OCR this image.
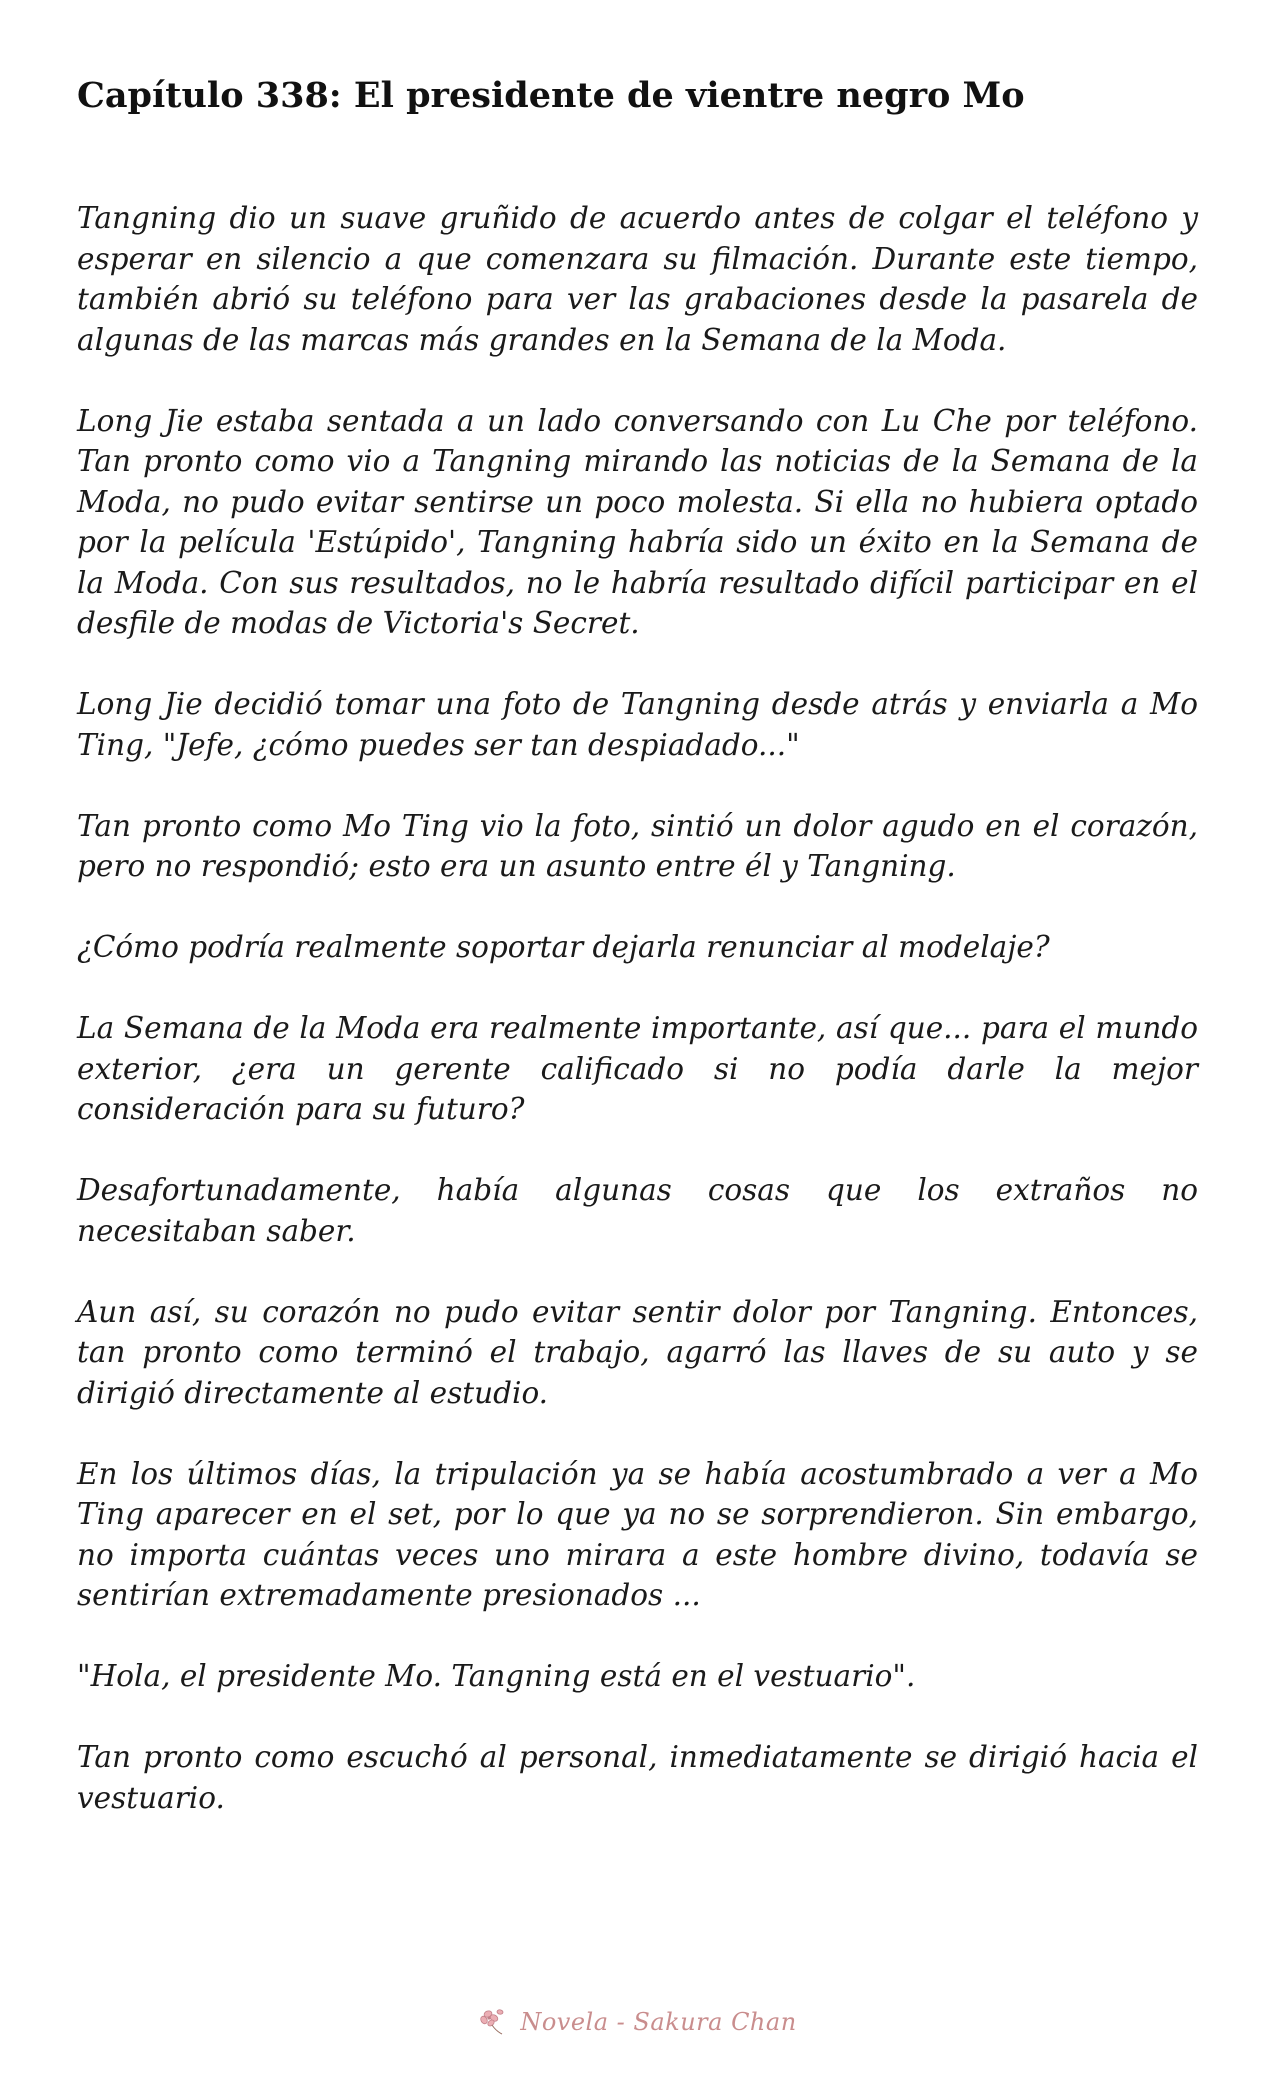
Capítulo 338: El presidente de vientre negro Mo

Tangning dio un suave gruñido de acuerdo antes de colgar el teléfono y esperar en silencio a que comenzara su filmación. Durante este tiempo, también abrió su teléfono para ver las grabaciones desde la pasarela de algunas de las marcas más grandes en la Semana de la Moda.

Long Jie estaba sentada a un lado conversando con Lu Che por teléfono. Tan pronto como vio a Tangning mirando las noticias de la Semana de la Moda, no pudo evitar sentirse un poco molesta. Si ella no hubiera optado por la película 'Estúpido', Tangning habría sido un éxito en la Semana de la Moda. Con sus resultados, no le habría resultado difícil participar en el desfile de modas de Victoria's Secret.

Long Jie decidió tomar una foto de Tangning desde atrás y enviarla a Mo Ting, "Jefe, ¿cómo puedes ser tan despiadado..."

Tan pronto como Mo Ting vio la foto, sintió un dolor agudo en el corazón, pero no respondió; esto era un asunto entre él y Tangning.

¿Cómo podría realmente soportar dejarla renunciar al modelaje?

La Semana de la Moda era realmente importante, así que... para el mundo exterior, ¿era un gerente calificado si no podía darle la mejor consideración para su futuro?

Desafortunadamente, había algunas cosas que los extraños no necesitaban saber.

Aun así, su corazón no pudo evitar sentir dolor por Tangning. Entonces, tan pronto como terminó el trabajo, agarró las llaves de su auto y se dirigió directamente al estudio.

En los últimos días, la tripulación ya se había acostumbrado a ver a Mo Ting aparecer en el set, por lo que ya no se sorprendieron. Sin embargo, no importa cuántas veces uno mirara a este hombre divino, todavía se sentirían extremadamente presionados ...

"Hola, el presidente Mo. Tangning está en el vestuario".

Tan pronto como escuchó al personal, inmediatamente se dirigió hacia el vestuario.

Novela - Sakura Chan
